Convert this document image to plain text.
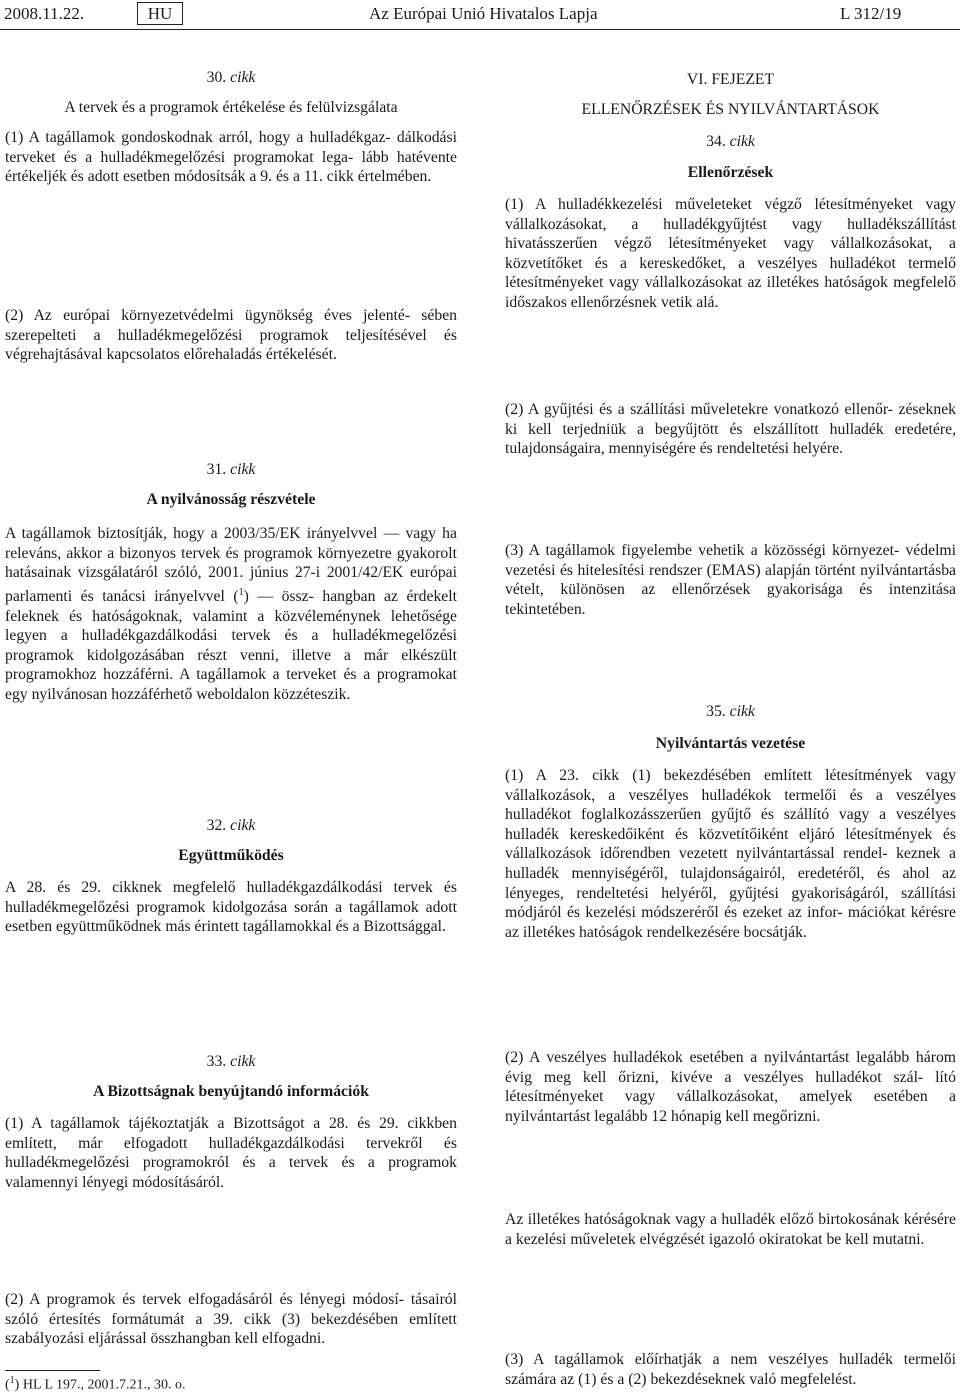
2008.11.22.	HU	Az Európai Unió Hivatalos Lapja	L 312/19
30. cikk
A tervek és a programok értékelése és felülvizsgálata

(1) A tagállamok gondoskodnak arról, hogy a hulladékgaz- dálkodási terveket és a hulladékmegelőzési programokat lega- lább hatévente értékeljék és adott esetben módosítsák a 9. és a 11. cikk értelmében.

(2) Az európai környezetvédelmi ügynökség éves jelenté- sében szerepelteti a hulladékmegelőzési programok teljesítésével és végrehajtásával kapcsolatos előrehaladás értékelését.

31. cikk
A nyilvánosság részvétele

A tagállamok biztosítják, hogy a 2003/35/EK irányelvvel — vagy ha releváns, akkor a bizonyos tervek és programok környezetre gyakorolt hatásainak vizsgálatáról szóló, 2001. június 27-i 2001/42/EK európai parlamenti és tanácsi irányelvvel ($^1$) — össz- hangban az érdekelt feleknek és hatóságoknak, valamint a közvéleménynek lehetősége legyen a hulladékgazdálkodási tervek és a hulladékmegelőzési programok kidolgozásában részt venni, illetve a már elkészült programokhoz hozzáférni. A tagállamok a terveket és a programokat egy nyilvánosan hozzáférhető weboldalon közzéteszik.

32. cikk
Együttműködés

A 28. és 29. cikknek megfelelő hulladékgazdálkodási tervek és hulladékmegelőzési programok kidolgozása során a tagállamok adott esetben együttműködnek más érintett tagállamokkal és a Bizottsággal.

33. cikk
A Bizottságnak benyújtandó információk

(1) A tagállamok tájékoztatják a Bizottságot a 28. és 29. cikkben említett, már elfogadott hulladékgazdálkodási tervekről és hulladékmegelőzési programokról és a tervek és a programok valamennyi lényegi módosításáról.

(2) A programok és tervek elfogadásáról és lényegi módosí- tásairól szóló értesítés formátumát a 39. cikk (3) bekezdésében említett szabályozási eljárással összhangban kell elfogadni.

($^1$) HL L 197., 2001.7.21., 30. o.
VI. FEJEZET
ELLENŐRZÉSEK ÉS NYILVÁNTARTÁSOK
34. cikk
Ellenőrzések

(1) A hulladékkezelési műveleteket végző létesítményeket vagy vállalkozásokat, a hulladékgyűjtést vagy hulladékszállítást hivatásszerűen végző létesítményeket vagy vállalkozásokat, a közvetítőket és a kereskedőket, a veszélyes hulladékot termelő létesítményeket vagy vállalkozásokat az illetékes hatóságok megfelelő időszakos ellenőrzésnek vetik alá.

(2) A gyűjtési és a szállítási műveletekre vonatkozó ellenőr- zéseknek ki kell terjedniük a begyűjtött és elszállított hulladék eredetére, tulajdonságaira, mennyiségére és rendeltetési helyére.

(3) A tagállamok figyelembe vehetik a közösségi környezet- védelmi vezetési és hitelesítési rendszer (EMAS) alapján történt nyilvántartásba vételt, különösen az ellenőrzések gyakorisága és intenzitása tekintetében.

35. cikk
Nyilvántartás vezetése

(1) A 23. cikk (1) bekezdésében említett létesítmények vagy vállalkozások, a veszélyes hulladékok termelői és a veszélyes hulladékot foglalkozásszerűen gyűjtő és szállító vagy a veszélyes hulladék kereskedőiként és közvetítőiként eljáró létesítmények és vállalkozások időrendben vezetett nyilvántartással rendel- keznek a hulladék mennyiségéről, tulajdonságairól, eredetéről, és ahol az lényeges, rendeltetési helyéről, gyűjtési gyakoriságáról, szállítási módjáról és kezelési módszeréről és ezeket az infor- mációkat kérésre az illetékes hatóságok rendelkezésére bocsátják.

(2) A veszélyes hulladékok esetében a nyilvántartást legalább három évig meg kell őrizni, kivéve a veszélyes hulladékot szál- lító létesítményeket vagy vállalkozásokat, amelyek esetében a nyilvántartást legalább 12 hónapig kell megőrizni.

Az illetékes hatóságoknak vagy a hulladék előző birtokosának kérésére a kezelési műveletek elvégzését igazoló okiratokat be kell mutatni.

(3) A tagállamok előírhatják a nem veszélyes hulladék termelői számára az (1) és a (2) bekezdéseknek való megfelelést.
